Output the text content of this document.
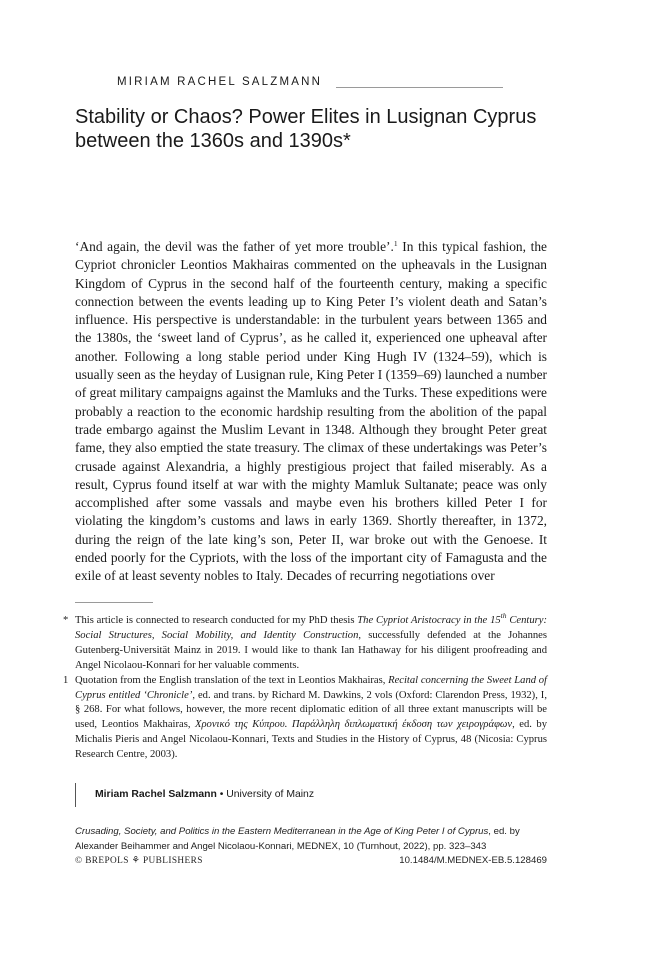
MIRIAM RACHEL SALZMANN
Stability or Chaos? Power Elites in Lusignan Cyprus between the 1360s and 1390s*

‘And again, the devil was the father of yet more trouble’.$^1$ In this typical fashion, the Cypriot chronicler Leontios Makhairas commented on the upheavals in the Lusignan Kingdom of Cyprus in the second half of the fourteenth century, making a specific connection between the events leading up to King Peter I’s violent death and Satan’s influence. His perspective is understandable: in the turbulent years between 1365 and the 1380s, the ‘sweet land of Cyprus’, as he called it, experienced one upheaval after another. Following a long stable period under King Hugh IV (1324–59), which is usually seen as the heyday of Lusignan rule, King Peter I (1359–69) launched a number of great military campaigns against the Mamluks and the Turks. These expeditions were probably a reaction to the economic hardship resulting from the abolition of the papal trade embargo against the Muslim Levant in 1348. Although they brought Peter great fame, they also emptied the state treasury. The climax of these undertakings was Peter’s crusade against Alexandria, a highly prestigious project that failed miserably. As a result, Cyprus found itself at war with the mighty Mamluk Sultanate; peace was only accomplished after some vassals and maybe even his brothers killed Peter I for violating the kingdom’s customs and laws in early 1369. Shortly thereafter, in 1372, during the reign of the late king’s son, Peter II, war broke out with the Genoese. It ended poorly for the Cypriots, with the loss of the important city of Famagusta and the exile of at least seventy nobles to Italy. Decades of recurring negotiations over

* This article is connected to research conducted for my PhD thesis The Cypriot Aristocracy in the 15th Century: Social Structures, Social Mobility, and Identity Construction, successfully defended at the Johannes Gutenberg-Universität Mainz in 2019. I would like to thank Ian Hathaway for his diligent proofreading and Angel Nicolaou-Konnari for her valuable comments.

1 Quotation from the English translation of the text in Leontios Makhairas, Recital concerning the Sweet Land of Cyprus entitled ‘Chronicle’, ed. and trans. by Richard M. Dawkins, 2 vols (Oxford: Clarendon Press, 1932), I, § 268. For what follows, however, the more recent diplomatic edition of all three extant manuscripts will be used, Leontios Makhairas, Χρονικό της Κύπρου. Παράλληλη διπλωματική έκδοση των χειρογράφων, ed. by Michalis Pieris and Angel Nicolaou-Konnari, Texts and Studies in the History of Cyprus, 48 (Nicosia: Cyprus Research Centre, 2003).

Miriam Rachel Salzmann • University of Mainz
Crusading, Society, and Politics in the Eastern Mediterranean in the Age of King Peter I of Cyprus, ed. by Alexander Beihammer and Angel Nicolaou-Konnari, MEDNEX, 10 (Turnhout, 2022), pp. 323–343
© BREPOLS ⚘ PUBLISHERS	10.1484/M.MEDNEX-EB.5.128469
